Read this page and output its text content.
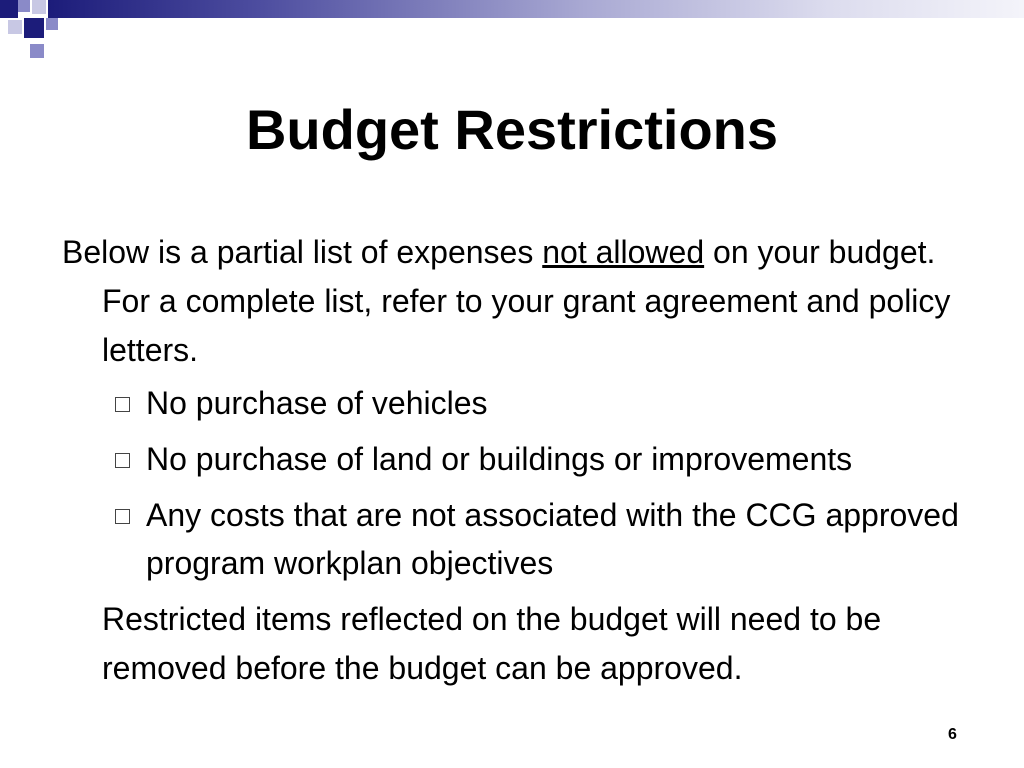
Budget Restrictions

Below is a partial list of expenses not allowed on your budget. For a complete list, refer to your grant agreement and policy letters.

No purchase of vehicles
No purchase of land or buildings or improvements
Any costs that are not associated with the CCG approved program workplan objectives

Restricted items reflected on the budget will need to be removed before the budget can be approved.

6
